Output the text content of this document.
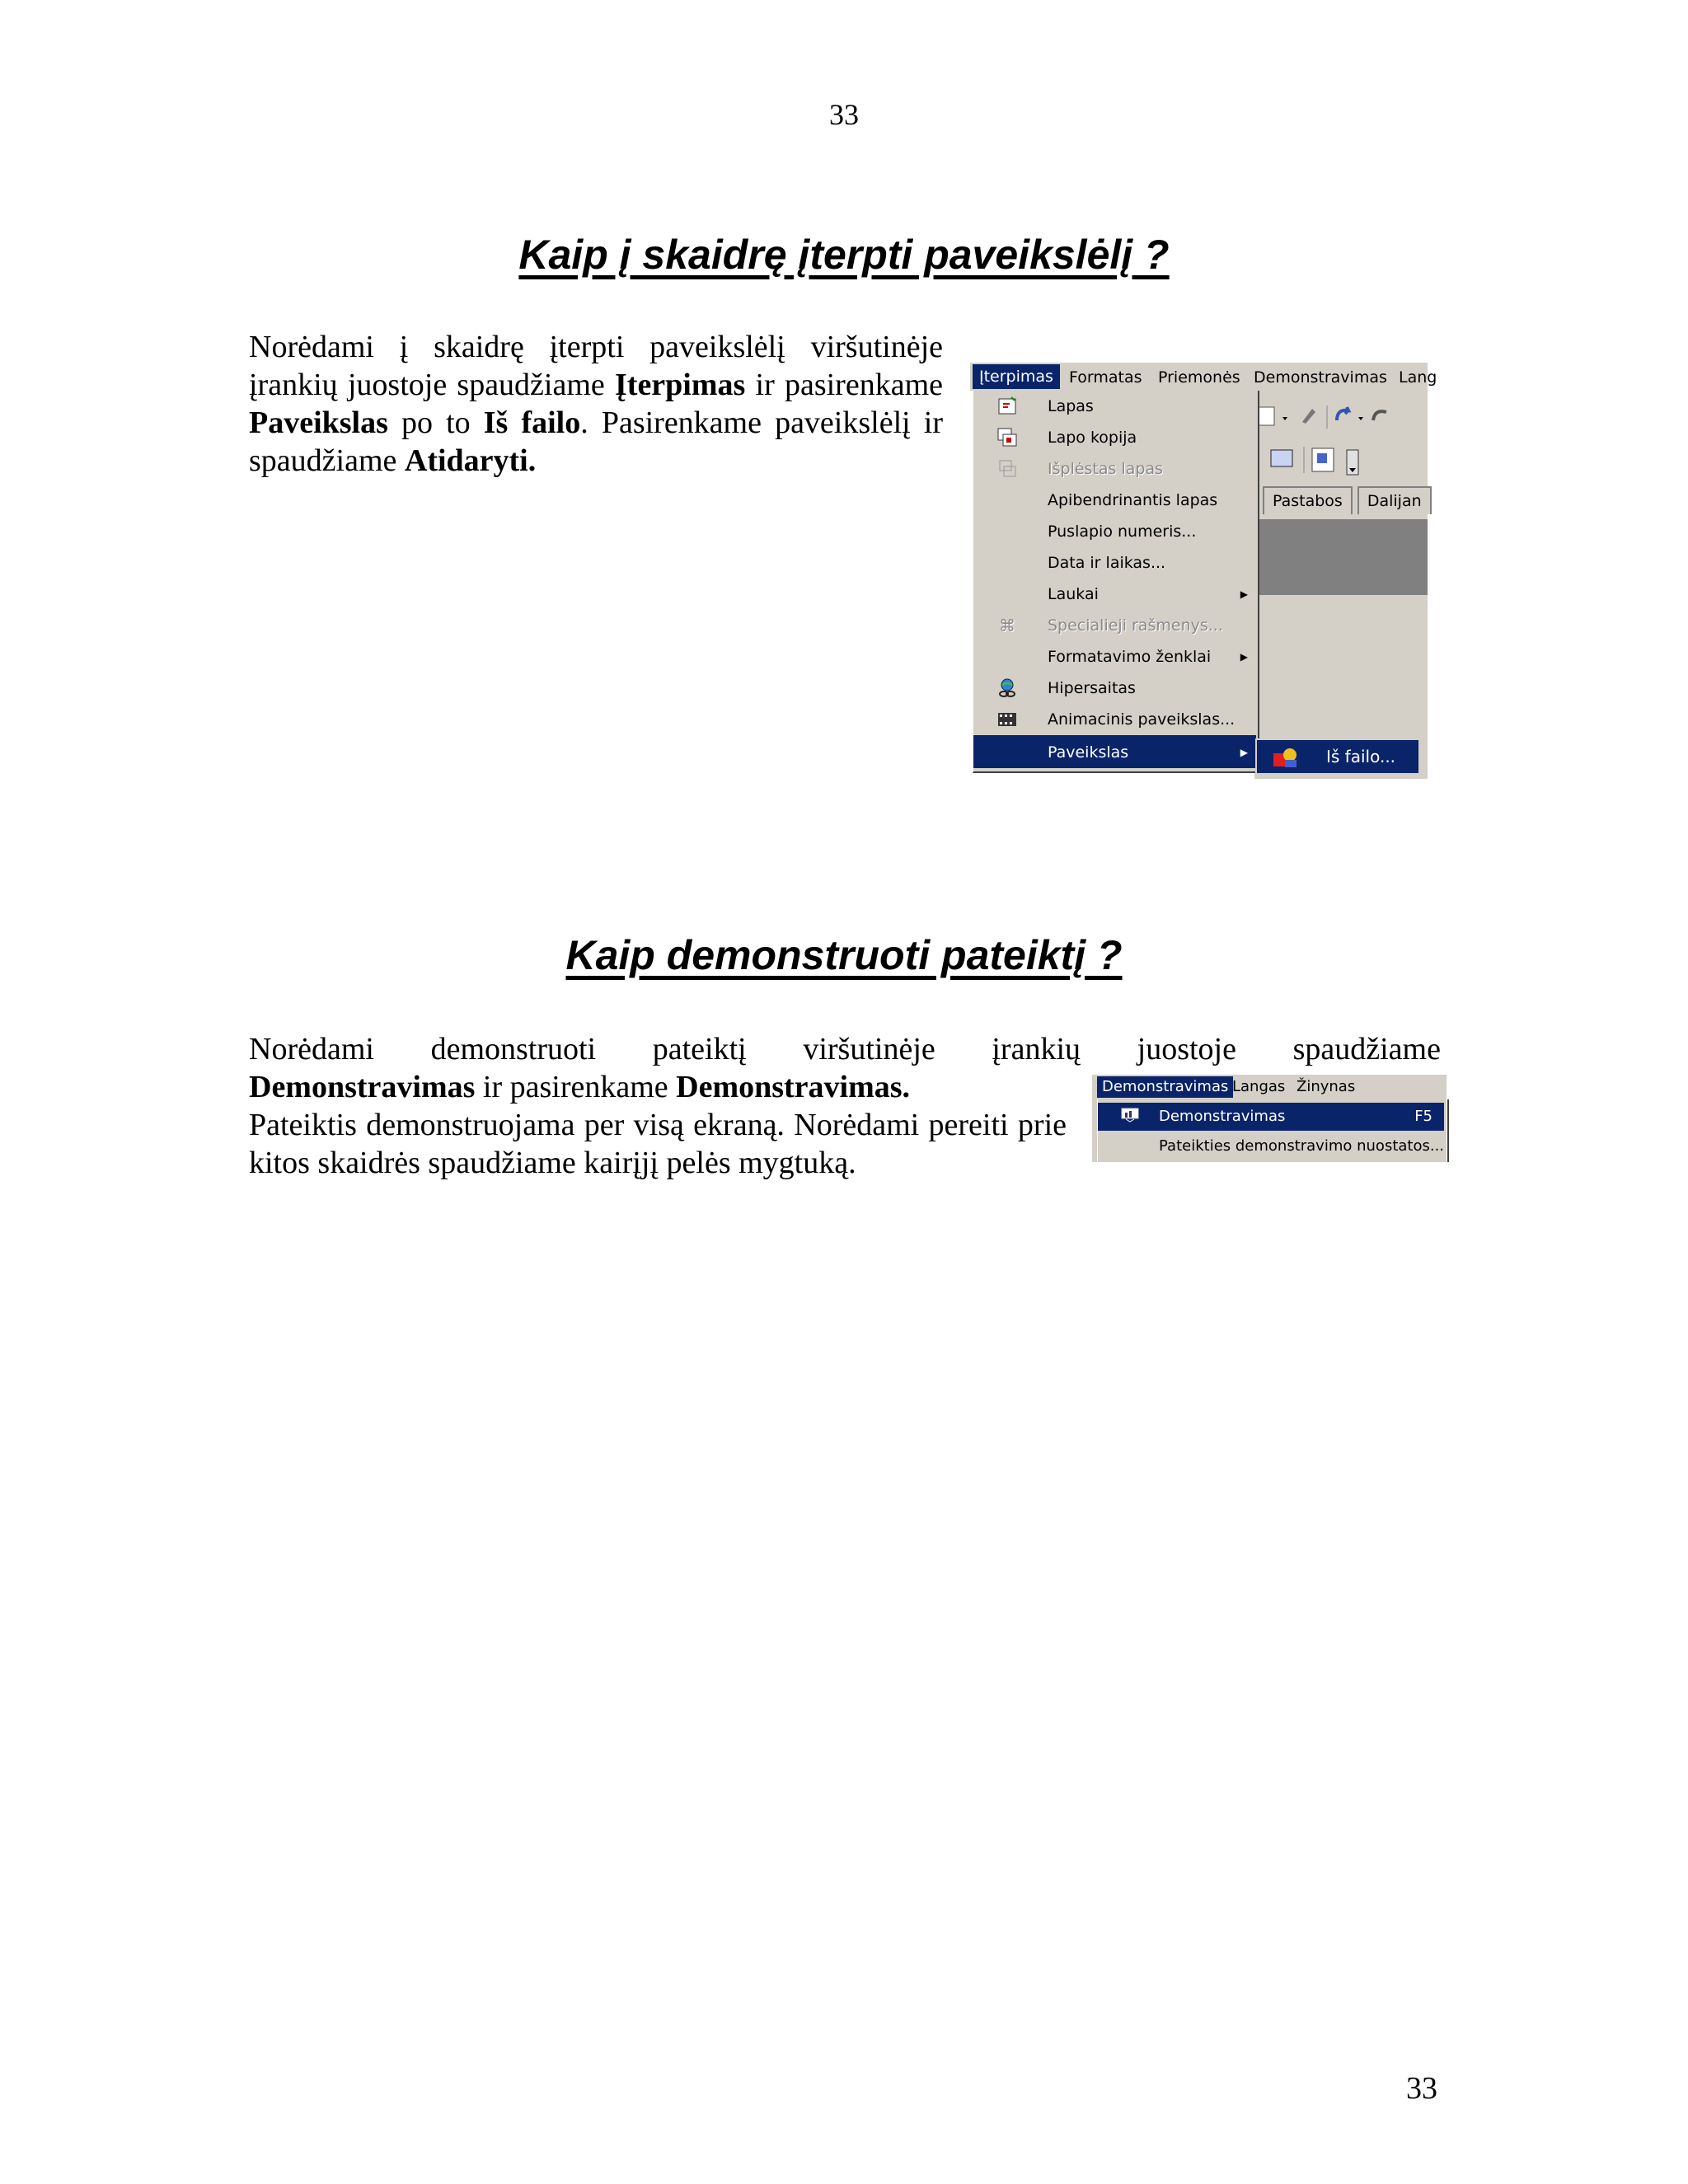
33
Kaip į skaidrę įterpti paveikslėlį ?
Norėdami į skaidrę įterpti paveikslėlį viršutinėje įrankių juostoje spaudžiame Įterpimas ir pasirenkame Paveikslas po to Iš failo. Pasirenkame paveikslėlį ir spaudžiame Atidaryti.
Įterpimas	Formatas Priemonės Demonstravimas Lang
Pastabos	Dalijan
Lapas
Lapo kopija
Išplėstas lapas
Apibendrinantis lapas
Puslapio numeris...
Data ir laikas...
Laukai	▶
⌘ Specialieji rašmenys...
Formatavimo ženklai	▶
Hipersaitas
Animacinis paveikslas...
Paveikslas	▶	Iš failo...
Kaip demonstruoti pateiktį ?
Norėdami demonstruoti pateiktį viršutinėje įrankių juostoje spaudžiame
Demonstravimas ir pasirenkame Demonstravimas.
Pateiktis demonstruojama per visą ekraną. Norėdami pereiti prie kitos skaidrės spaudžiame kairįjį pelės mygtuką.
Demonstravimas Langas Žinynas
Demonstravimas	F5
Pateikties demonstravimo nuostatos...
33
